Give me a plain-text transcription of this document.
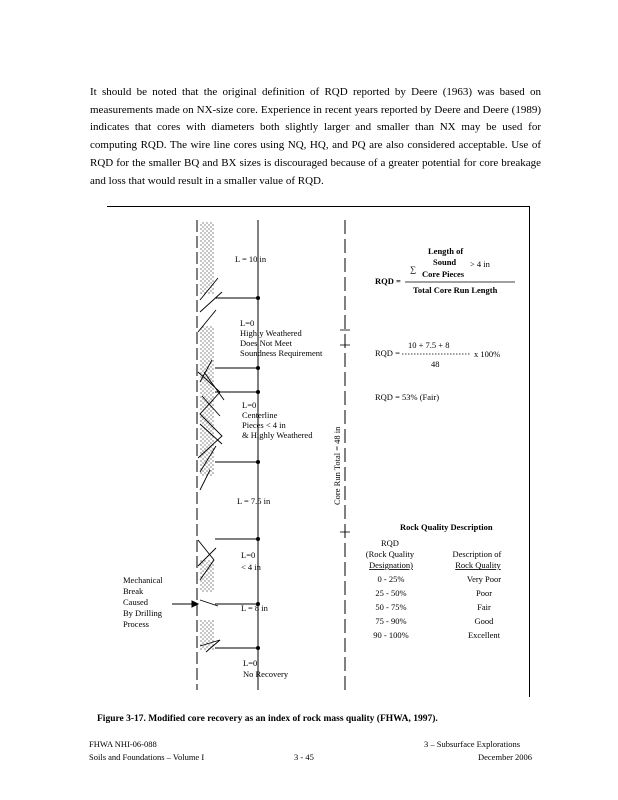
It should be noted that the original definition of RQD reported by Deere (1963) was based on measurements made on NX-size core. Experience in recent years reported by Deere and Deere (1989) indicates that cores with diameters both slightly larger and smaller than NX may be used for computing RQD. The wire line cores using NQ, HQ, and PQ are also considered acceptable. Use of RQD for the smaller BQ and BX sizes is discouraged because of a greater potential for core breakage and loss that would result in a smaller value of RQD.

L = 10 in
L=0 Highly Weathered Does Not Meet Soundness Requirement
L=0 Centerline Pieces < 4 in & Highly Weathered
L = 7.5 in
L=0 < 4 in
L = 8 in
L=0 No Recovery
Core Run Total = 48 in
Mechanical Break Caused By Drilling Process
Length of
∑
Sound > 4 in
Core Pieces
RQD =
Total Core Run Length
10 + 7.5 + 8
RQD =	x 100%
48
RQD = 53% (Fair)
Rock Quality Description
RQD (Rock Quality Designation)
Description of Rock Quality
0 - 25%	Very Poor
25 - 50%	Poor
50 - 75%	Fair
75 - 90%	Good
90 - 100%	Excellent

Figure 3-17. Modified core recovery as an index of rock mass quality (FHWA, 1997).

FHWA NHI-06-088

Soils and Foundations – Volume I	3 - 45

3 – Subsurface Explorations

December 2006
